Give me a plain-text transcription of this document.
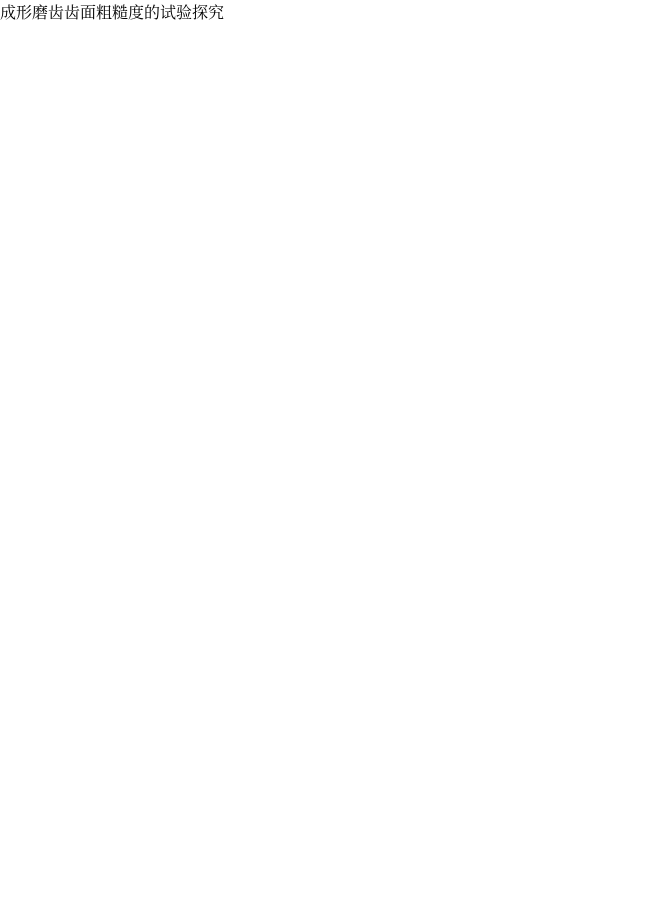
成形磨齿齿面粗糙度的试验探究
